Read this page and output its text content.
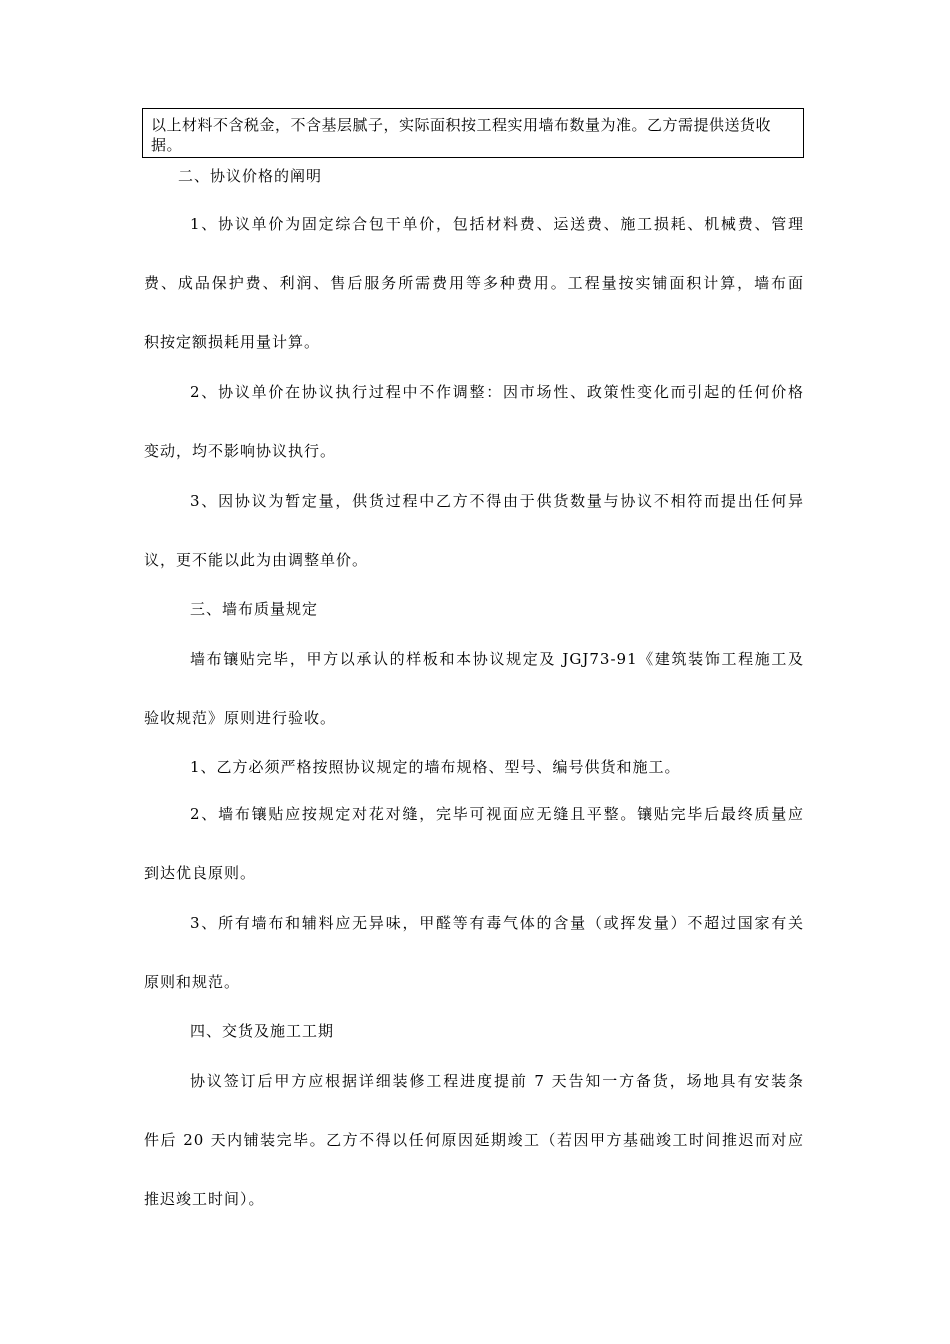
以上材料不含税金，不含基层腻子，实际面积按工程实用墙布数量为准。乙方需提供送货收据。
二、协议价格的阐明
1、协议单价为固定综合包干单价，包括材料费、运送费、施工损耗、机械费、管理
费、成品保护费、利润、售后服务所需费用等多种费用。工程量按实铺面积计算，墙布面
积按定额损耗用量计算。
2、协议单价在协议执行过程中不作调整：因市场性、政策性变化而引起的任何价格
变动，均不影响协议执行。
3、因协议为暂定量，供货过程中乙方不得由于供货数量与协议不相符而提出任何异
议，更不能以此为由调整单价。
三、墙布质量规定
墙布镶贴完毕，甲方以承认的样板和本协议规定及 JGJ73-91《建筑装饰工程施工及
验收规范》原则进行验收。
1、乙方必须严格按照协议规定的墙布规格、型号、编号供货和施工。
2、墙布镶贴应按规定对花对缝，完毕可视面应无缝且平整。镶贴完毕后最终质量应
到达优良原则。
3、所有墙布和辅料应无异味，甲醛等有毒气体的含量（或挥发量）不超过国家有关
原则和规范。
四、交货及施工工期
协议签订后甲方应根据详细装修工程进度提前 7 天告知一方备货，场地具有安装条
件后 20 天内铺装完毕。乙方不得以任何原因延期竣工（若因甲方基础竣工时间推迟而对应
推迟竣工时间）。
